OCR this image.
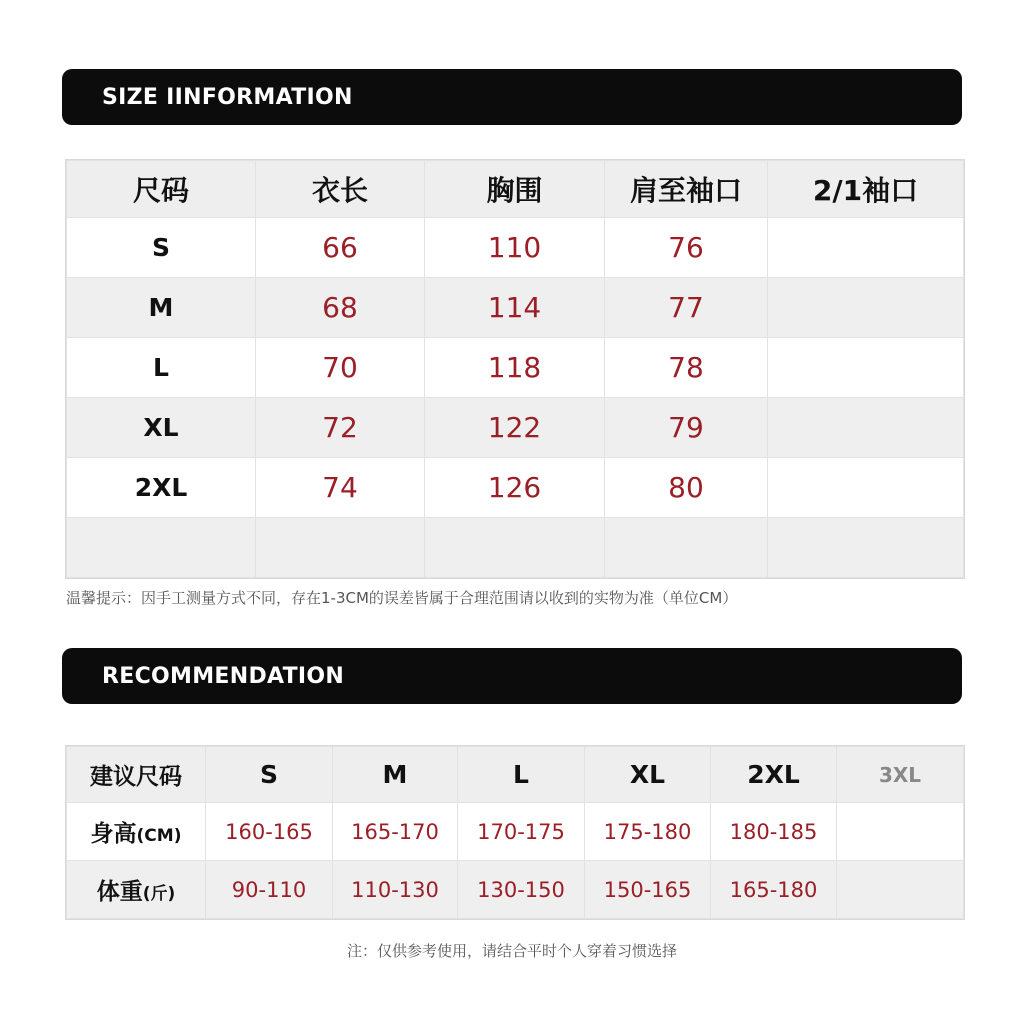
SIZE IINFORMATION
尺码	衣长	胸围	肩至袖口	2/1袖口
S	66	110	76	
M	68	114	77	
L	70	118	78	
XL	72	122	79	
2XL	74	126	80	

温馨提示：因手工测量方式不同，存在1-3CM的误差皆属于合理范围请以收到的实物为准（单位CM）
RECOMMENDATION
建议尺码	S	M	L	XL	2XL	3XL
身高(CM)	160-165	165-170	170-175	175-180	180-185	
体重(斤)	90-110	110-130	130-150	150-165	165-180	
注：仅供参考使用，请结合平时个人穿着习惯选择
